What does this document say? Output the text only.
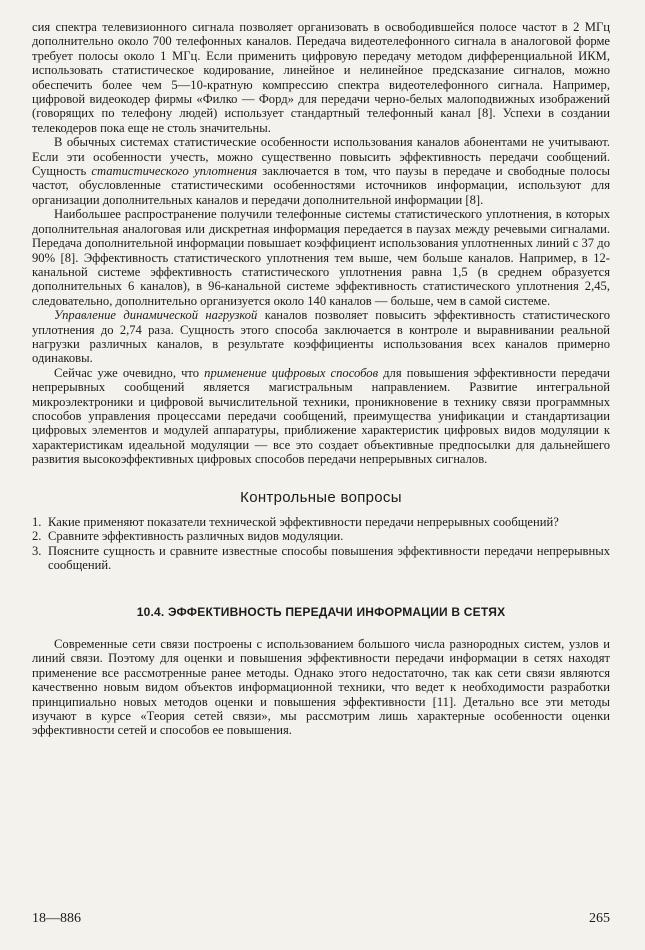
сия спектра телевизионного сигнала позволяет организовать в освободившейся полосе частот в 2 МГц дополнительно около 700 телефонных каналов. Передача видеотелефонного сигнала в аналоговой форме требует полосы около 1 МГц. Если применить цифровую передачу методом дифференциальной ИКМ, использовать статистическое кодирование, линейное и нелинейное предсказание сигналов, можно обеспечить более чем 5—10-кратную компрессию спектра видеотелефонного сигнала. Например, цифровой видеокодер фирмы «Филко — Форд» для передачи черно-белых малоподвижных изображений (говорящих по телефону людей) использует стандартный телефонный канал [8]. Успехи в создании телекодеров пока еще не столь значительны.

В обычных системах статистические особенности использования каналов абонентами не учитывают. Если эти особенности учесть, можно существенно повысить эффективность передачи сообщений. Сущность статистического уплотнения заключается в том, что паузы в передаче и свободные полосы частот, обусловленные статистическими особенностями источников информации, используют для организации дополнительных каналов и передачи дополнительной информации [8].

Наибольшее распространение получили телефонные системы статистического уплотнения, в которых дополнительная аналоговая или дискретная информация передается в паузах между речевыми сигналами. Передача дополнительной информации повышает коэффициент использования уплотненных линий с 37 до 90% [8]. Эффективность статистического уплотнения тем выше, чем больше каналов. Например, в 12-канальной системе эффективность статистического уплотнения равна 1,5 (в среднем образуется дополнительных 6 каналов), в 96-канальной системе эффективность статистического уплотнения 2,45, следовательно, дополнительно организуется около 140 каналов — больше, чем в самой системе.

Управление динамической нагрузкой каналов позволяет повысить эффективность статистического уплотнения до 2,74 раза. Сущность этого способа заключается в контроле и выравнивании реальной нагрузки различных каналов, в результате коэффициенты использования всех каналов примерно одинаковы.

Сейчас уже очевидно, что применение цифровых способов для повышения эффективности передачи непрерывных сообщений является магистральным направлением. Развитие интегральной микроэлектроники и цифровой вычислительной техники, проникновение в технику связи программных способов управления процессами передачи сообщений, преимущества унификации и стандартизации цифровых элементов и модулей аппаратуры, приближение характеристик цифровых видов модуляции к характеристикам идеальной модуляции — все это создает объективные предпосылки для дальнейшего развития высокоэффективных цифровых способов передачи непрерывных сигналов.

Контрольные вопросы
1. Какие применяют показатели технической эффективности передачи непрерывных сообщений?
2. Сравните эффективность различных видов модуляции.
3. Поясните сущность и сравните известные способы повышения эффективности передачи непрерывных сообщений.
10.4. ЭФФЕКТИВНОСТЬ ПЕРЕДАЧИ ИНФОРМАЦИИ В СЕТЯХ

Современные сети связи построены с использованием большого числа разнородных систем, узлов и линий связи. Поэтому для оценки и повышения эффективности передачи информации в сетях находят применение все рассмотренные ранее методы. Однако этого недостаточно, так как сети связи являются качественно новым видом объектов информационной техники, что ведет к необходимости разработки принципиально новых методов оценки и повышения эффективности [11]. Детально все эти методы изучают в курсе «Теория сетей связи», мы рассмотрим лишь характерные особенности оценки эффективности сетей и способов ее повышения.

18—886	265
